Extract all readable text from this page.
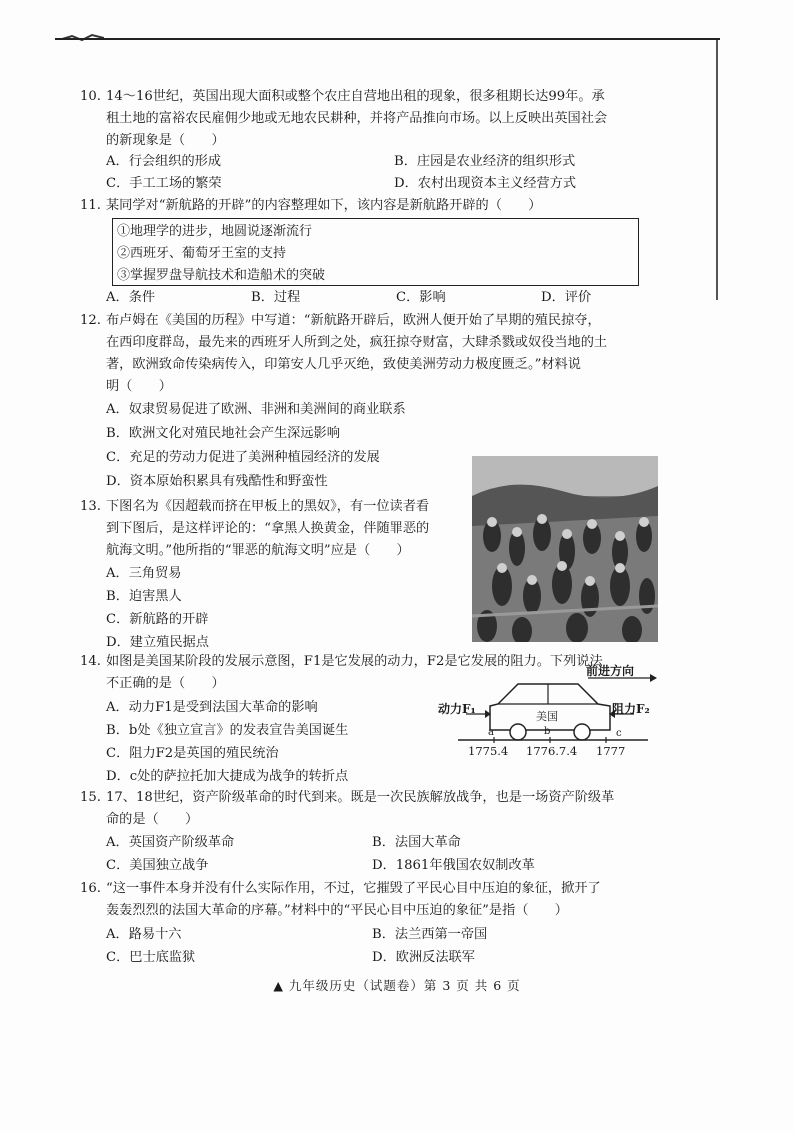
10. 14～16世纪，英国出现大面积或整个农庄自营地出租的现象，很多租期长达99年。承
租土地的富裕农民雇佣少地或无地农民耕种，并将产品推向市场。以上反映出英国社会
的新现象是（　　）
A．行会组织的形成	B．庄园是农业经济的组织形式
C．手工工场的繁荣	D．农村出现资本主义经营方式
11. 某同学对“新航路的开辟”的内容整理如下，该内容是新航路开辟的（　　）
①地理学的进步，地圆说逐渐流行
②西班牙、葡萄牙王室的支持
③掌握罗盘导航技术和造船术的突破
A．条件	B．过程	C．影响	D．评价
12. 布卢姆在《美国的历程》中写道：“新航路开辟后，欧洲人便开始了早期的殖民掠夺，
在西印度群岛，最先来的西班牙人所到之处，疯狂掠夺财富，大肆杀戮或奴役当地的土
著，欧洲致命传染病传入，印第安人几乎灭绝，致使美洲劳动力极度匮乏。”材料说
明（　　）
A．奴隶贸易促进了欧洲、非洲和美洲间的商业联系
B．欧洲文化对殖民地社会产生深远影响
C．充足的劳动力促进了美洲种植园经济的发展
D．资本原始积累具有残酷性和野蛮性
13. 下图名为《因超载而挤在甲板上的黑奴》，有一位读者看
到下图后，是这样评论的：“拿黑人换黄金，伴随罪恶的
航海文明。”他所指的“罪恶的航海文明”应是（　　）
A．三角贸易
B．迫害黑人
C．新航路的开辟
D．建立殖民据点
14. 如图是美国某阶段的发展示意图，F1是它发展的动力，F2是它发展的阻力。下列说法
不正确的是（　　）
A．动力F1是受到法国大革命的影响
B．b处《独立宣言》的发表宣告美国诞生
C．阻力F2是英国的殖民统治
D．c处的萨拉托加大捷成为战争的转折点
前进方向
动力F₁	阻力F₂
美国
a	b	c
1775.4 1776.7.4 1777
15. 17、18世纪，资产阶级革命的时代到来。既是一次民族解放战争，也是一场资产阶级革
命的是（　　）
A．英国资产阶级革命	B．法国大革命
C．美国独立战争	D．1861年俄国农奴制改革
16. “这一事件本身并没有什么实际作用，不过，它摧毁了平民心目中压迫的象征，掀开了
轰轰烈烈的法国大革命的序幕。”材料中的“平民心目中压迫的象征”是指（　　）
A．路易十六	B．法兰西第一帝国
C．巴士底监狱	D．欧洲反法联军
▲ 九年级历史（试题卷）第 3 页 共 6 页
